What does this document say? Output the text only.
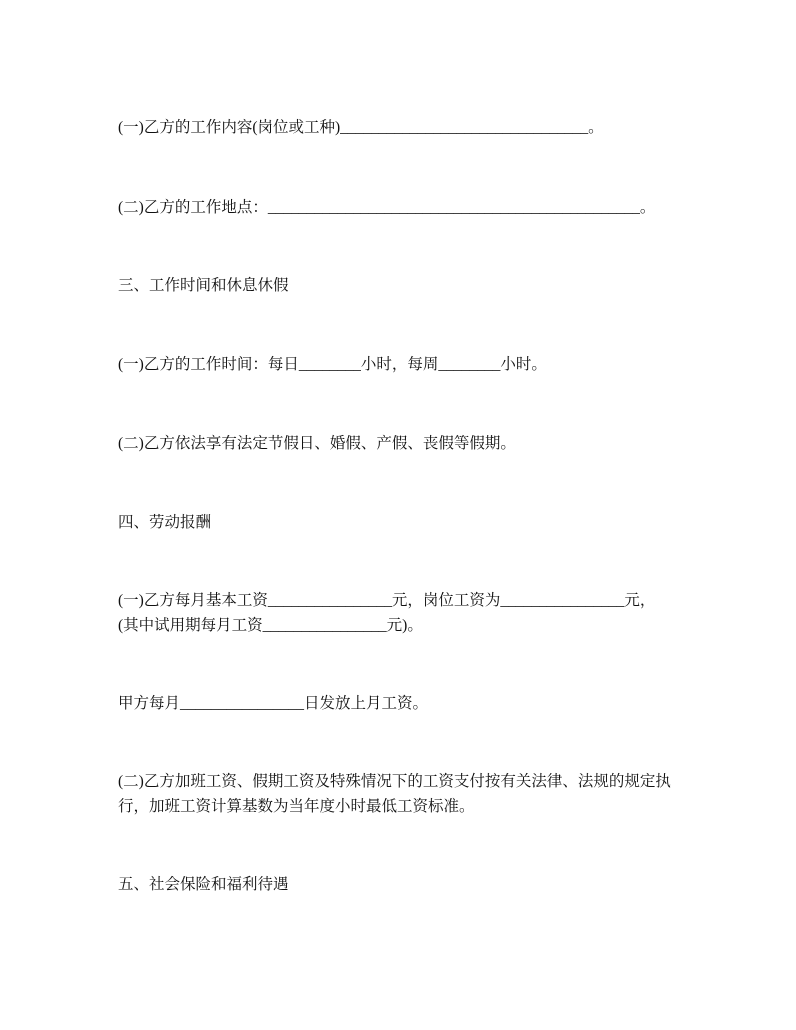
(一)乙方的工作内容(岗位或工种)________________________________。

(二)乙方的工作地点：________________________________________________。

三、工作时间和休息休假

(一)乙方的工作时间：每日________小时，每周________小时。

(二)乙方依法享有法定节假日、婚假、产假、丧假等假期。

四、劳动报酬

(一)乙方每月基本工资________________元，岗位工资为________________元，
(其中试用期每月工资________________元)。

甲方每月________________日发放上月工资。

(二)乙方加班工资、假期工资及特殊情况下的工资支付按有关法律、法规的规定执
行，加班工资计算基数为当年度小时最低工资标准。

五、社会保险和福利待遇
